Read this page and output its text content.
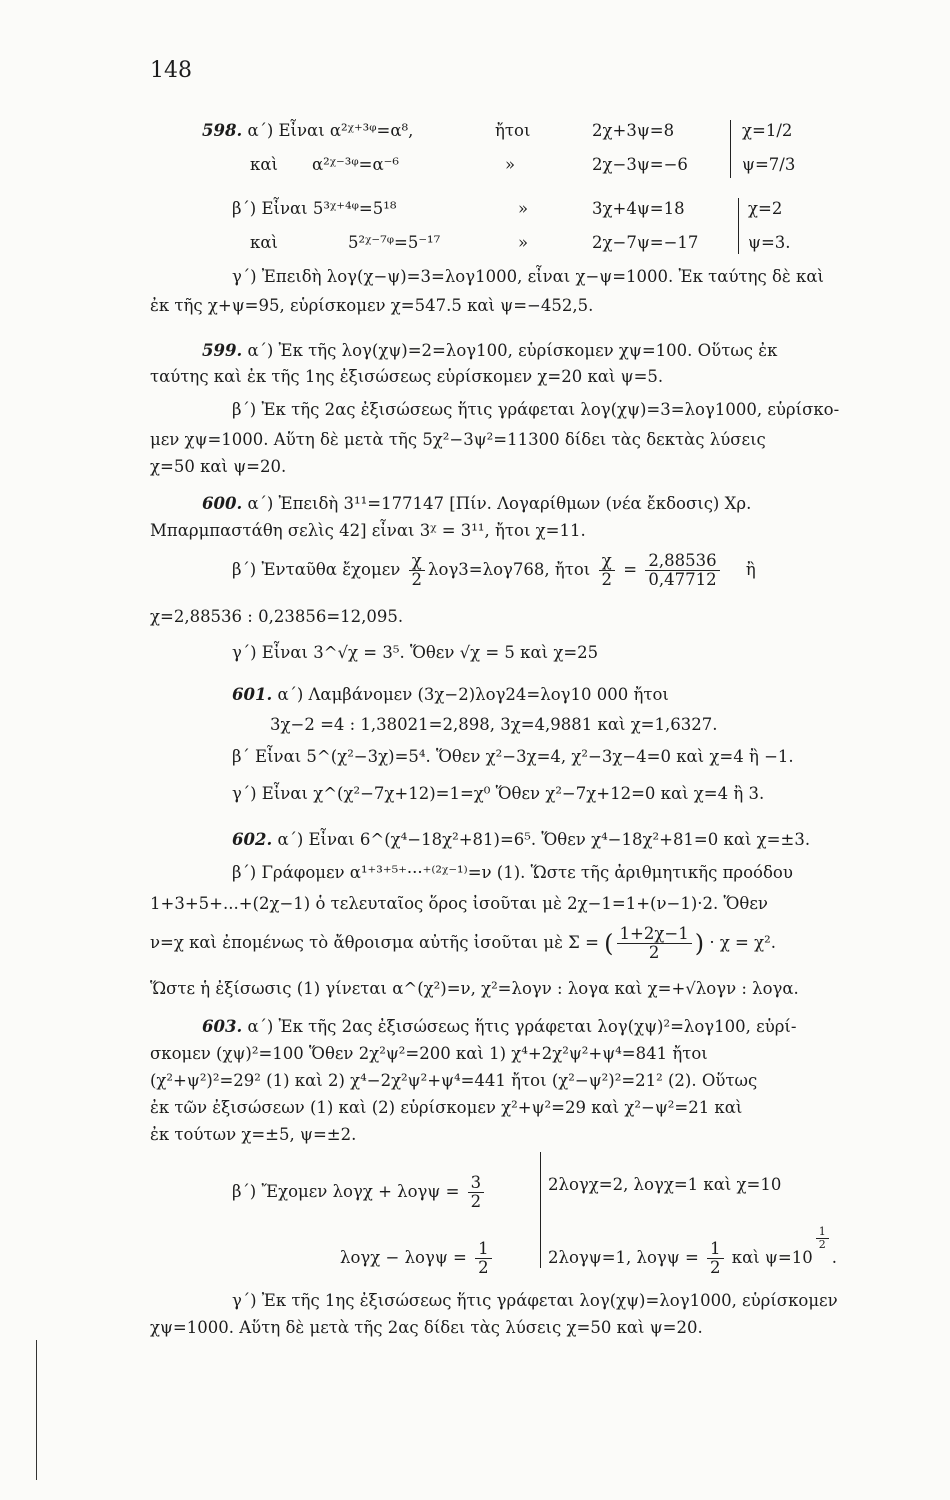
148
598. α΄) Εἶναι α²ᵡ⁺³ᵠ=α⁸,	ἤτοι	2χ+3ψ=8	χ=1/2
καὶ α²ᵡ⁻³ᵠ=α⁻⁶	»	2χ−3ψ=−6	ψ=7/3
β΄) Εἶναι 5³ᵡ⁺⁴ᵠ=5¹⁸	»	3χ+4ψ=18	χ=2
καὶ	5²ᵡ⁻⁷ᵠ=5⁻¹⁷	»	2χ−7ψ=−17	ψ=3.
γ΄) Ἐπειδὴ λογ(χ−ψ)=3=λογ1000, εἶναι χ−ψ=1000. Ἐκ ταύτης δὲ καὶ
ἐκ τῆς χ+ψ=95, εὑρίσκομεν χ=547.5 καὶ ψ=−452,5.
599. α΄) Ἐκ τῆς λογ(χψ)=2=λογ100, εὑρίσκομεν χψ=100. Οὕτως ἐκ
ταύτης καὶ ἐκ τῆς 1ης ἐξισώσεως εὑρίσκομεν χ=20 καὶ ψ=5.
β΄) Ἐκ τῆς 2ας ἐξισώσεως ἥτις γράφεται λογ(χψ)=3=λογ1000, εὑρίσκο-
μεν χψ=1000. Αὕτη δὲ μετὰ τῆς 5χ²−3ψ²=11300 δίδει τὰς δεκτὰς λύσεις
χ=50 καὶ ψ=20.
600. α΄) Ἐπειδὴ 3¹¹=177147 [Πίν. Λογαρίθμων (νέα ἔκδοσις) Χρ.
Μπαρμπαστάθη σελὶς 42] εἶναι 3ᵡ = 3¹¹, ἤτοι χ=11.
β΄) Ἐνταῦθα ἔχομεν $\frac{\chi}{2} \lambda o\gamma 3=\lambda o\gamma 768$, ἤτοι $\frac{\chi}{2} = \frac{2,88536}{0,47712}$ ἢ
χ=2,88536 : 0,23856=12,095.
γ΄) Εἶναι 3^√χ = 3⁵. Ὅθεν √χ = 5 καὶ χ=25
601. α΄) Λαμβάνομεν (3χ−2)λογ24=λογ10 000 ἤτοι
3χ−2 =4 : 1,38021=2,898, 3χ=4,9881 καὶ χ=1,6327.
β΄ Εἶναι 5^(χ²−3χ)=5⁴. Ὅθεν χ²−3χ=4, χ²−3χ−4=0 καὶ χ=4 ἢ −1.
γ΄) Εἶναι χ^(χ²−7χ+12)=1=χ⁰ Ὅθεν χ²−7χ+12=0 καὶ χ=4 ἢ 3.
602. α΄) Εἶναι 6^(χ⁴−18χ²+81)=6⁵. Ὅθεν χ⁴−18χ²+81=0 καὶ χ=±3.
β΄) Γράφομεν α¹⁺³⁺⁵⁺···⁺⁽²ᵡ⁻¹⁾=ν (1). Ὥστε τῆς ἀριθμητικῆς προόδου
1+3+5+...+(2χ−1) ὁ τελευταῖος ὅρος ἰσοῦται μὲ 2χ−1=1+(ν−1)·2. Ὅθεν
ν=χ καὶ ἐπομένως τὸ ἄθροισμα αὐτῆς ἰσοῦται μὲ Σ = ( $\frac{1+2\chi-1}{2}$ ) · χ = χ².
Ὥστε ἡ ἐξίσωσις (1) γίνεται α^(χ²)=ν, χ²=λογν : λογα καὶ χ=+√λογν : λογα.
603. α΄) Ἐκ τῆς 2ας ἐξισώσεως ἥτις γράφεται λογ(χψ)²=λογ100, εὑρί-
σκομεν (χψ)²=100 Ὅθεν 2χ²ψ²=200 καὶ 1) χ⁴+2χ²ψ²+ψ⁴=841 ἤτοι
(χ²+ψ²)²=29² (1) καὶ 2) χ⁴−2χ²ψ²+ψ⁴=441 ἤτοι (χ²−ψ²)²=21² (2). Οὕτως
ἐκ τῶν ἐξισώσεων (1) καὶ (2) εὑρίσκομεν χ²+ψ²=29 καὶ χ²−ψ²=21 καὶ
ἐκ τούτων χ=±5, ψ=±2.
β΄) Ἔχομεν $\lambda o\gamma\chi + \lambda o\gamma\psi = \frac{3}{2}$	2λογχ=2, λογχ=1 καὶ χ=10
$\lambda o\gamma\chi - \lambda o\gamma\psi = \frac{1}{2}$	2λογψ=1, $\lambda o\gamma\psi = \frac{1}{2}$ καὶ ψ=10
$\frac{1}{2}$
.
γ΄) Ἐκ τῆς 1ης ἐξισώσεως ἥτις γράφεται λογ(χψ)=λογ1000, εὑρίσκομεν
χψ=1000. Αὕτη δὲ μετὰ τῆς 2ας δίδει τὰς λύσεις χ=50 καὶ ψ=20.
